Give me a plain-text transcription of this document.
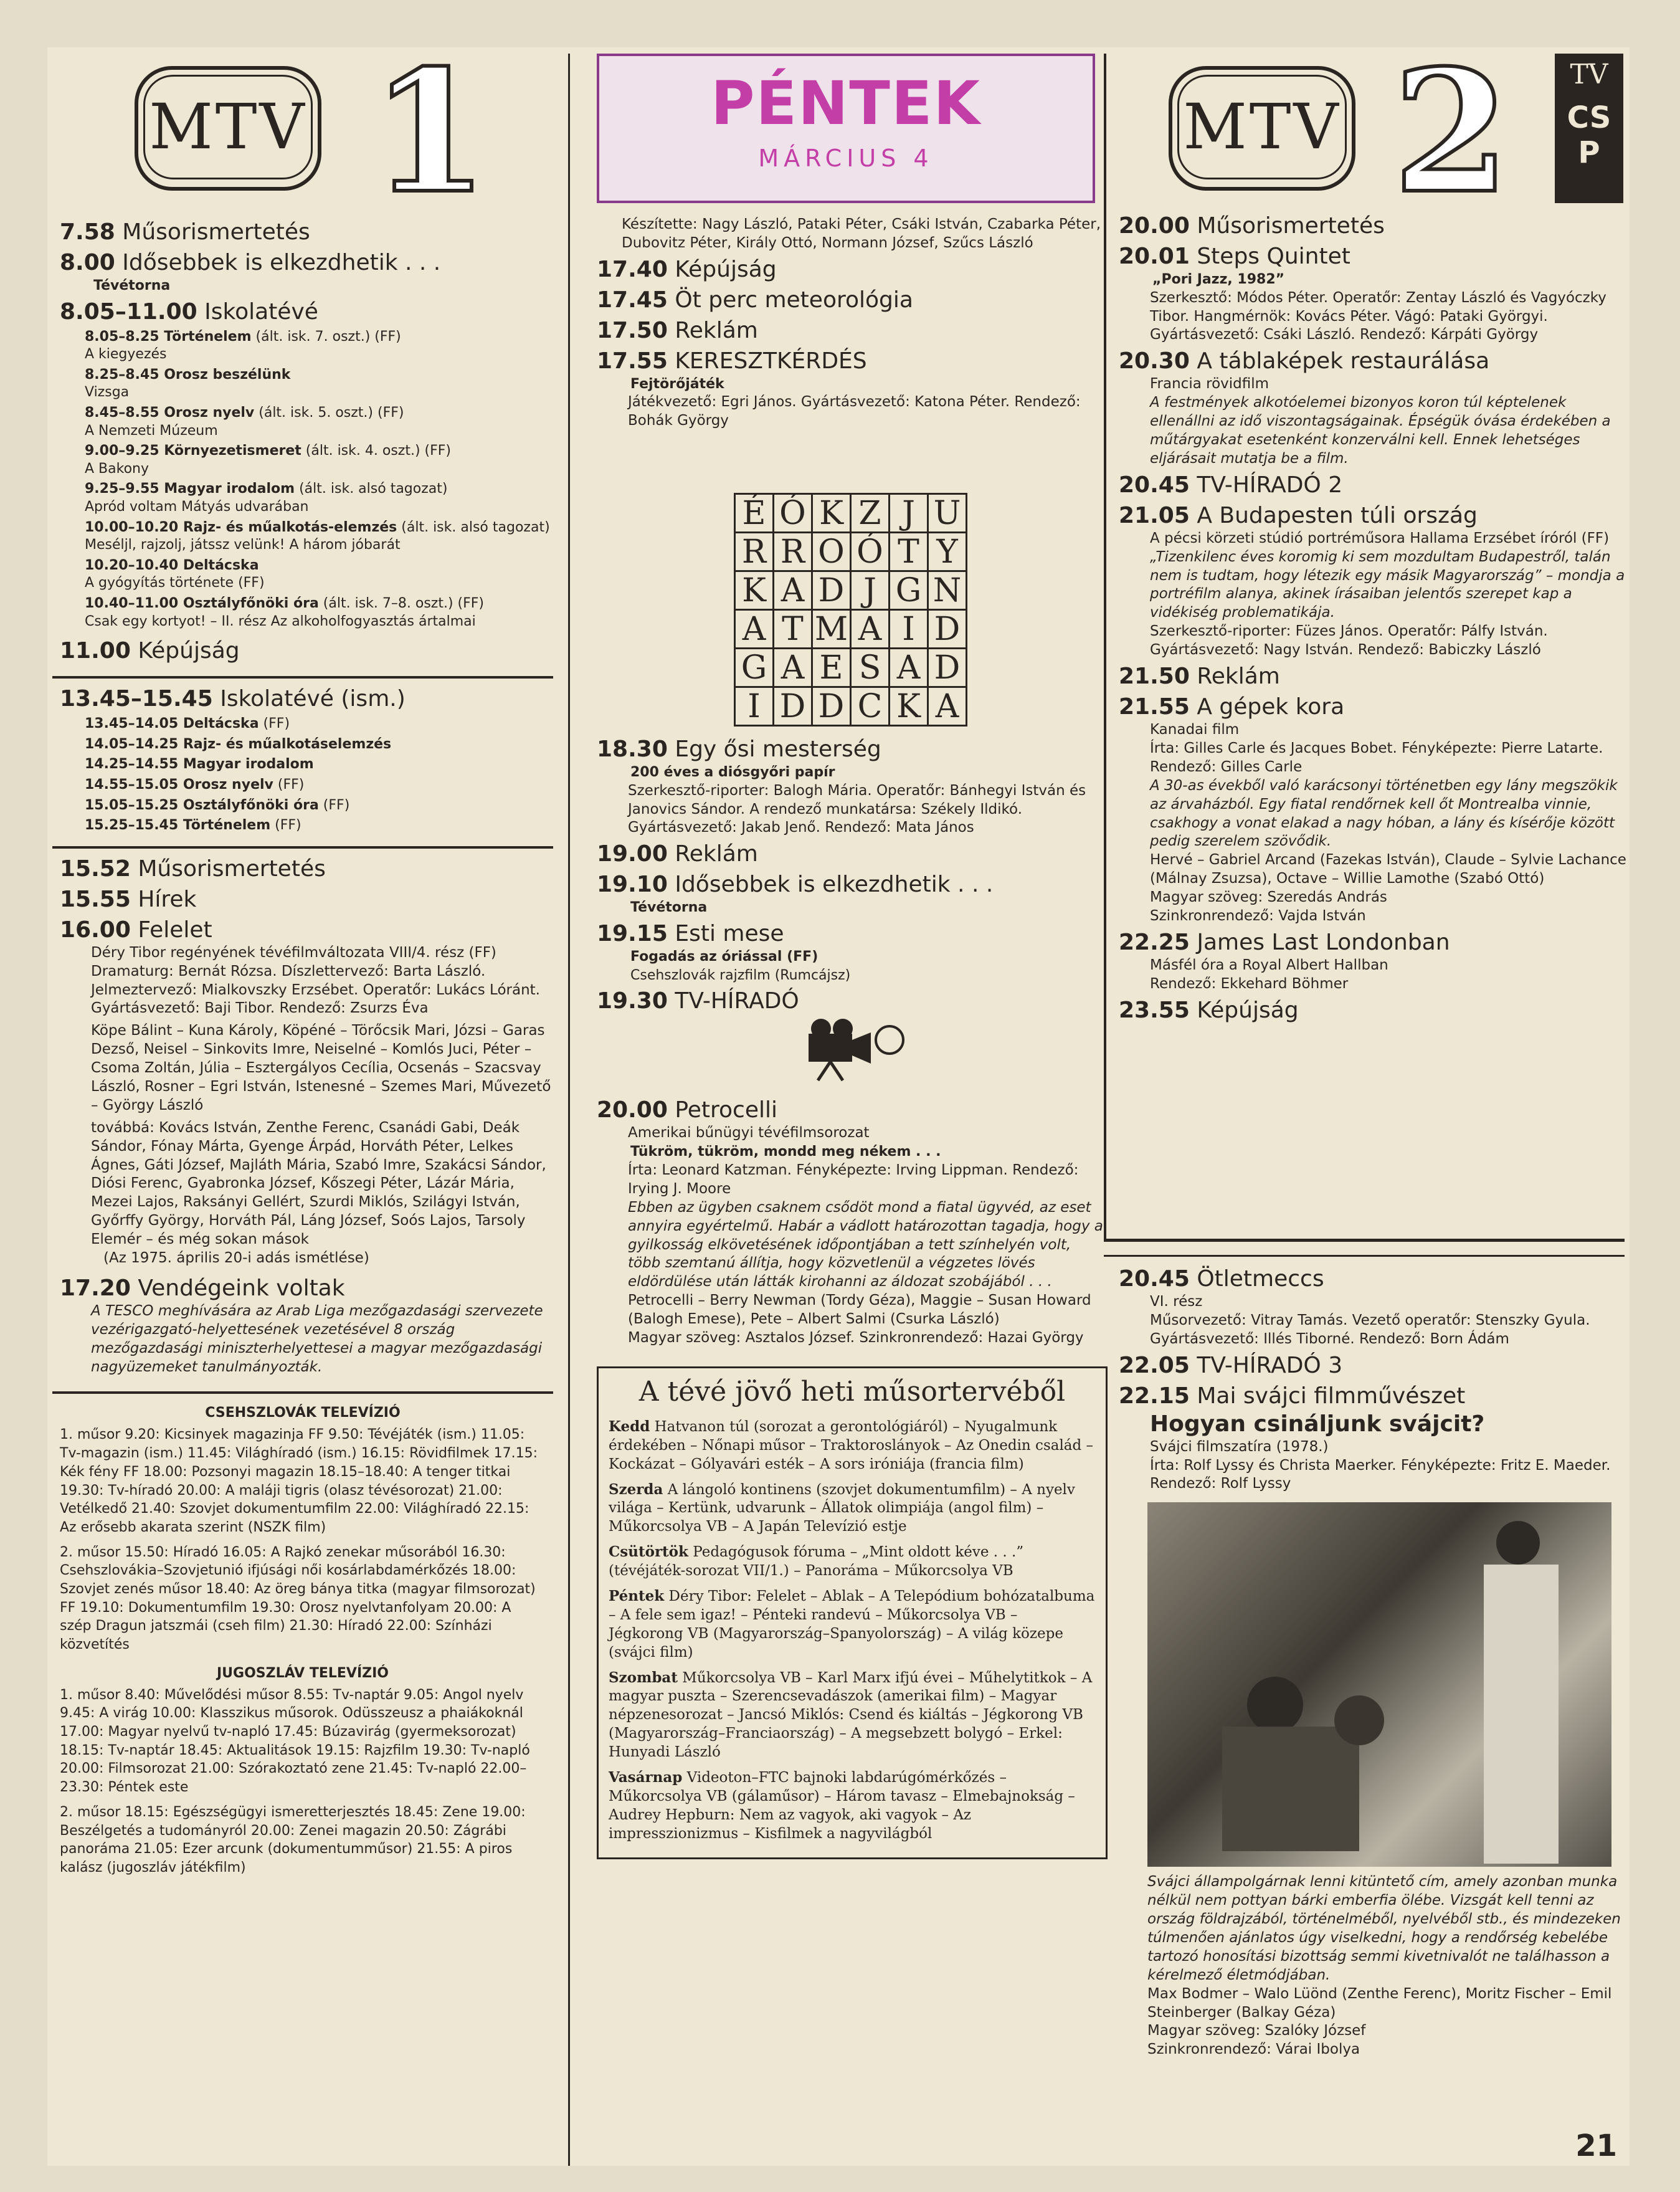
MTV 1
7.58 Műsorismertetés
8.00 Idősebbek is elkezdhetik . . .
Tévétorna
8.05–11.00 Iskolatévé
8.05–8.25 Történelem (ált. isk. 7. oszt.) (FF)
A kiegyezés
8.25–8.45 Orosz beszélünk
Vizsga
8.45–8.55 Orosz nyelv (ált. isk. 5. oszt.) (FF)
A Nemzeti Múzeum
9.00–9.25 Környezetismeret (ált. isk. 4. oszt.) (FF)
A Bakony
9.25–9.55 Magyar irodalom (ált. isk. alsó tagozat)
Apród voltam Mátyás udvarában
10.00–10.20 Rajz- és műalkotás-elemzés (ált. isk. alsó tagozat) Meséljl, rajzolj, játssz velünk! A három jóbarát
10.20–10.40 Deltácska
A gyógyítás története (FF)
10.40–11.00 Osztályfőnöki óra (ált. isk. 7–8. oszt.) (FF)
Csak egy kortyot! – II. rész Az alkoholfogyasztás ártalmai
11.00 Képújság
13.45–15.45 Iskolatévé (ism.)
13.45–14.05 Deltácska (FF)
14.05–14.25 Rajz- és műalkotáselemzés
14.25–14.55 Magyar irodalom
14.55–15.05 Orosz nyelv (FF)
15.05–15.25 Osztályfőnöki óra (FF)
15.25–15.45 Történelem (FF)
15.52 Műsorismertetés
15.55 Hírek
16.00 Felelet
Déry Tibor regényének tévéfilmváltozata VIII/4. rész (FF)
Dramaturg: Bernát Rózsa. Díszlettervező: Barta László. Jelmeztervező: Mialkovszky Erzsébet. Operatőr: Lukács Lóránt. Gyártásvezető: Baji Tibor. Rendező: Zsurzs Éva
Köpe Bálint – Kuna Károly, Köpéné – Törőcsik Mari, Józsi – Garas Dezső, Neisel – Sinkovits Imre, Neiselné – Komlós Juci, Péter – Csoma Zoltán, Júlia – Esztergályos Cecília, Ocsenás – Szacsvay László, Rosner – Egri István, Istenesné – Szemes Mari, Művezető – György László
továbbá: Kovács István, Zenthe Ferenc, Csanádi Gabi, Deák Sándor, Fónay Márta, Gyenge Árpád, Horváth Péter, Lelkes Ágnes, Gáti József, Majláth Mária, Szabó Imre, Szakácsi Sándor, Diósi Ferenc, Gyabronka József, Kőszegi Péter, Lázár Mária, Mezei Lajos, Raksányi Gellért, Szurdi Miklós, Szilágyi István, Győrffy György, Horváth Pál, Láng József, Soós Lajos, Tarsoly Elemér – és még sokan mások
(Az 1975. április 20-i adás ismétlése)
17.20 Vendégeink voltak
A TESCO meghívására az Arab Liga mezőgazdasági szervezete vezérigazgató-helyettesének vezetésével 8 ország mezőgazdasági miniszterhelyettesei a magyar mezőgazdasági nagyüzemeket tanulmányozták.
CSEHSZLOVÁK TELEVÍZIÓ
1. műsor 9.20: Kicsinyek magazinja FF 9.50: Tévéjáték (ism.) 11.05: Tv-magazin (ism.) 11.45: Világhíradó (ism.) 16.15: Rövidfilmek 17.15: Kék fény FF 18.00: Pozsonyi magazin 18.15–18.40: A tenger titkai 19.30: Tv-híradó 20.00: A maláji tigris (olasz tévésorozat) 21.00: Vetélkedő 21.40: Szovjet dokumentumfilm 22.00: Világhíradó 22.15: Az erősebb akarata szerint (NSZK film)
2. műsor 15.50: Híradó 16.05: A Rajkó zenekar műsorából 16.30: Csehszlovákia–Szovjetunió ifjúsági női kosárlabdamérkőzés 18.00: Szovjet zenés műsor 18.40: Az öreg bánya titka (magyar filmsorozat) FF 19.10: Dokumentumfilm 19.30: Orosz nyelvtanfolyam 20.00: A szép Dragun jatszmái (cseh film) 21.30: Híradó 22.00: Színházi közvetítés
JUGOSZLÁV TELEVÍZIÓ
1. műsor 8.40: Művelődési műsor 8.55: Tv-naptár 9.05: Angol nyelv 9.45: A virág 10.00: Klasszikus műsorok. Odüsszeusz a phaiákoknál 17.00: Magyar nyelvű tv-napló 17.45: Búzavirág (gyermeksorozat) 18.15: Tv-naptár 18.45: Aktualitások 19.15: Rajzfilm 19.30: Tv-napló 20.00: Filmsorozat 21.00: Szórakoztató zene 21.45: Tv-napló 22.00–23.30: Péntek este
2. műsor 18.15: Egészségügyi ismeretterjesztés 18.45: Zene 19.00: Beszélgetés a tudományról 20.00: Zenei magazin 20.50: Zágrábi panoráma 21.05: Ezer arcunk (dokumentumműsor) 21.55: A piros kalász (jugoszláv játékfilm)
PÉNTEK
MÁRCIUS 4
Készítette: Nagy László, Pataki Péter, Csáki István, Czabarka Péter, Dubovitz Péter, Király Ottó, Normann József, Szűcs László
17.40 Képújság
17.45 Öt perc meteorológia
17.50 Reklám
17.55 KERESZTKÉRDÉS
Fejtörőjáték
Játékvezető: Egri János. Gyártásvezető: Katona Péter. Rendező: Bohák György
É	Ó	K	Z	J	U
R	R	O	Ó	T	Y
K	A	D	J	G	N
A	T	M	A	I	D
G	A	E	S	A	D
I	D	D	C	K	A
18.30 Egy ősi mesterség
200 éves a diósgyőri papír
Szerkesztő-riporter: Balogh Mária. Operatőr: Bánhegyi István és Janovics Sándor. A rendező munkatársa: Székely Ildikó. Gyártásvezető: Jakab Jenő. Rendező: Mata János
19.00 Reklám
19.10 Idősebbek is elkezdhetik . . .
Tévétorna
19.15 Esti mese
Fogadás az óriással (FF)
Csehszlovák rajzfilm (Rumcájsz)
19.30 TV-HÍRADÓ
20.00 Petrocelli
Amerikai bűnügyi tévéfilmsorozat
Tükröm, tükröm, mondd meg nékem . . .
Írta: Leonard Katzman. Fényképezte: Irving Lippman. Rendező: Irying J. Moore
Ebben az ügyben csaknem csődöt mond a fiatal ügyvéd, az eset annyira egyértelmű. Habár a vádlott határozottan tagadja, hogy a gyilkosság elkövetésének időpontjában a tett színhelyén volt, több szemtanú állítja, hogy közvetlenül a végzetes lövés eldördülése után látták kirohanni az áldozat szobájából . . .
Petrocelli – Berry Newman (Tordy Géza), Maggie – Susan Howard (Balogh Emese), Pete – Albert Salmi (Csurka László)
Magyar szöveg: Asztalos József. Szinkronrendező: Hazai György
A tévé jövő heti műsortervéből

Kedd Hatvanon túl (sorozat a gerontológiáról) – Nyugalmunk érdekében – Nőnapi műsor – Traktoroslányok – Az Onedin család – Kockázat – Gólyavári esték – A sors iróniája (francia film)

Szerda A lángoló kontinens (szovjet dokumentumfilm) – A nyelv világa – Kertünk, udvarunk – Állatok olimpiája (angol film) – Műkorcsolya VB – A Japán Televízió estje

Csütörtök Pedagógusok fóruma – „Mint oldott kéve . . .” (tévéjáték-sorozat VII/1.) – Panoráma – Műkorcsolya VB

Péntek Déry Tibor: Felelet – Ablak – A Telepódium bohózatalbuma – A fele sem igaz! – Pénteki randevú – Műkorcsolya VB – Jégkorong VB (Magyarország–Spanyolország) – A világ közepe (svájci film)

Szombat Műkorcsolya VB – Karl Marx ifjú évei – Műhelytitkok – A magyar puszta – Szerencsevadászok (amerikai film) – Magyar népzenesorozat – Jancsó Miklós: Csend és kiáltás – Jégkorong VB (Magyarország–Franciaország) – A megsebzett bolygó – Erkel: Hunyadi László

Vasárnap Videoton–FTC bajnoki labdarúgómérkőzés – Műkorcsolya VB (gálaműsor) – Három tavasz – Elmebajnokság – Audrey Hepburn: Nem az vagyok, aki vagyok – Az impresszionizmus – Kisfilmek a nagyvilágból

MTV 2	TV
CS
P
20.00 Műsorismertetés
20.01 Steps Quintet
„Pori Jazz, 1982”
Szerkesztő: Módos Péter. Operatőr: Zentay László és Vagyóczky Tibor. Hangmérnök: Kovács Péter. Vágó: Pataki Györgyi. Gyártásvezető: Csáki László. Rendező: Kárpáti György
20.30 A táblaképek restaurálása
Francia rövidfilm
A festmények alkotóelemei bizonyos koron túl képtelenek ellenállni az idő viszontagságainak. Épségük óvása érdekében a műtárgyakat esetenként konzerválni kell. Ennek lehetséges eljárásait mutatja be a film.
20.45 TV-HÍRADÓ 2
21.05 A Budapesten túli ország
A pécsi körzeti stúdió portréműsora Hallama Erzsébet íróról (FF)
„Tizenkilenc éves koromig ki sem mozdultam Budapestről, talán nem is tudtam, hogy létezik egy másik Magyarország” – mondja a portréfilm alanya, akinek írásaiban jelentős szerepet kap a vidékiség problematikája.
Szerkesztő-riporter: Füzes János. Operatőr: Pálfy István. Gyártásvezető: Nagy István. Rendező: Babiczky László
21.50 Reklám
21.55 A gépek kora
Kanadai film
Írta: Gilles Carle és Jacques Bobet. Fényképezte: Pierre Latarte. Rendező: Gilles Carle
A 30-as évekből való karácsonyi történetben egy lány megszökik az árvaházból. Egy fiatal rendőrnek kell őt Montrealba vinnie, csakhogy a vonat elakad a nagy hóban, a lány és kísérője között pedig szerelem szövődik.
Hervé – Gabriel Arcand (Fazekas István), Claude – Sylvie Lachance (Málnay Zsuzsa), Octave – Willie Lamothe (Szabó Ottó)
Magyar szöveg: Szeredás András
Szinkronrendező: Vajda István
22.25 James Last Londonban
Másfél óra a Royal Albert Hallban
Rendező: Ekkehard Böhmer
23.55 Képújság
20.45 Ötletmeccs
VI. rész
Műsorvezető: Vitray Tamás. Vezető operatőr: Stenszky Gyula. Gyártásvezető: Illés Tiborné. Rendező: Born Ádám
22.05 TV-HÍRADÓ 3
22.15 Mai svájci filmművészet
Hogyan csináljunk svájcit?
Svájci filmszatíra (1978.)
Írta: Rolf Lyssy és Christa Maerker. Fényképezte: Fritz E. Maeder. Rendező: Rolf Lyssy
Svájci állampolgárnak lenni kitüntető cím, amely azonban munka nélkül nem pottyan bárki emberfia ölébe. Vizsgát kell tenni az ország földrajzából, történelméből, nyelvéből stb., és mindezeken túlmenően ajánlatos úgy viselkedni, hogy a rendőrség kebelébe tartozó honosítási bizottság semmi kivetnivalót ne találhasson a kérelmező életmódjában.
Max Bodmer – Walo Lüönd (Zenthe Ferenc), Moritz Fischer – Emil Steinberger (Balkay Géza)
Magyar szöveg: Szalóky József
Szinkronrendező: Várai Ibolya
21
